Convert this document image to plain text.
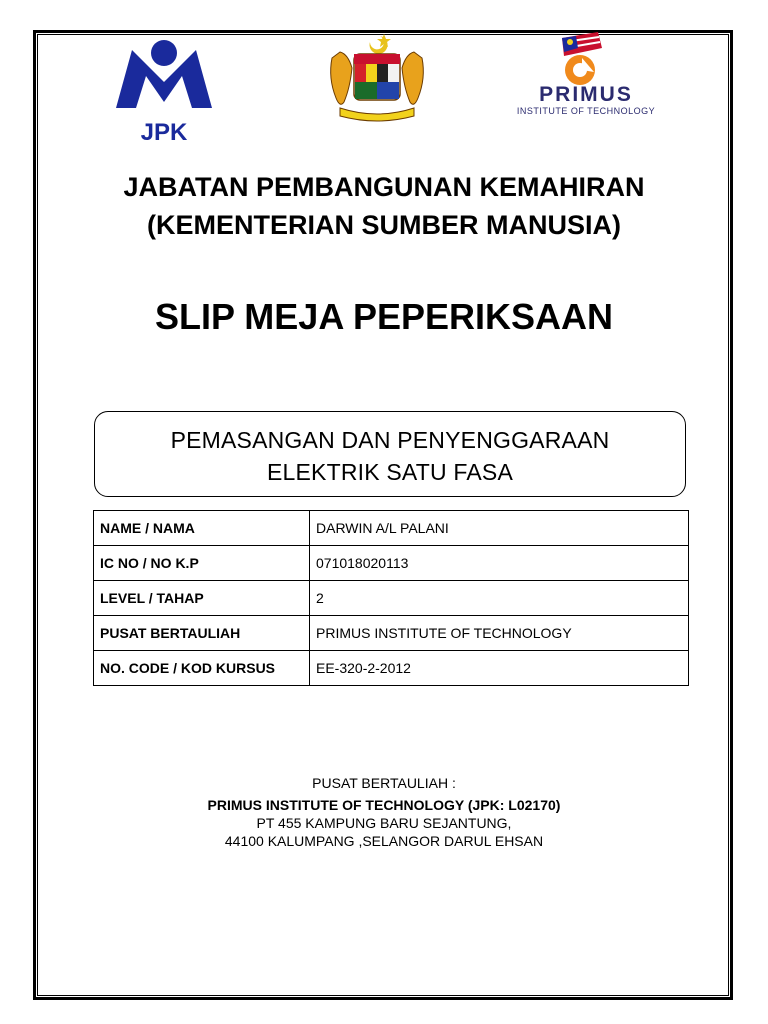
JPK
PRIMUS
INSTITUTE OF TECHNOLOGY
JABATAN PEMBANGUNAN KEMAHIRAN
(KEMENTERIAN SUMBER MANUSIA)
SLIP MEJA PEPERIKSAAN
PEMASANGAN DAN PENYENGGARAAN
ELEKTRIK SATU FASA
NAME / NAMA	DARWIN A/L PALANI
IC NO / NO K.P	071018020113
LEVEL / TAHAP	2
PUSAT BERTAULIAH	PRIMUS INSTITUTE OF TECHNOLOGY
NO. CODE / KOD KURSUS	EE-320-2-2012
PUSAT BERTAULIAH :
PRIMUS INSTITUTE OF TECHNOLOGY (JPK: L02170)
PT 455 KAMPUNG BARU SEJANTUNG,
44100 KALUMPANG ,SELANGOR DARUL EHSAN
